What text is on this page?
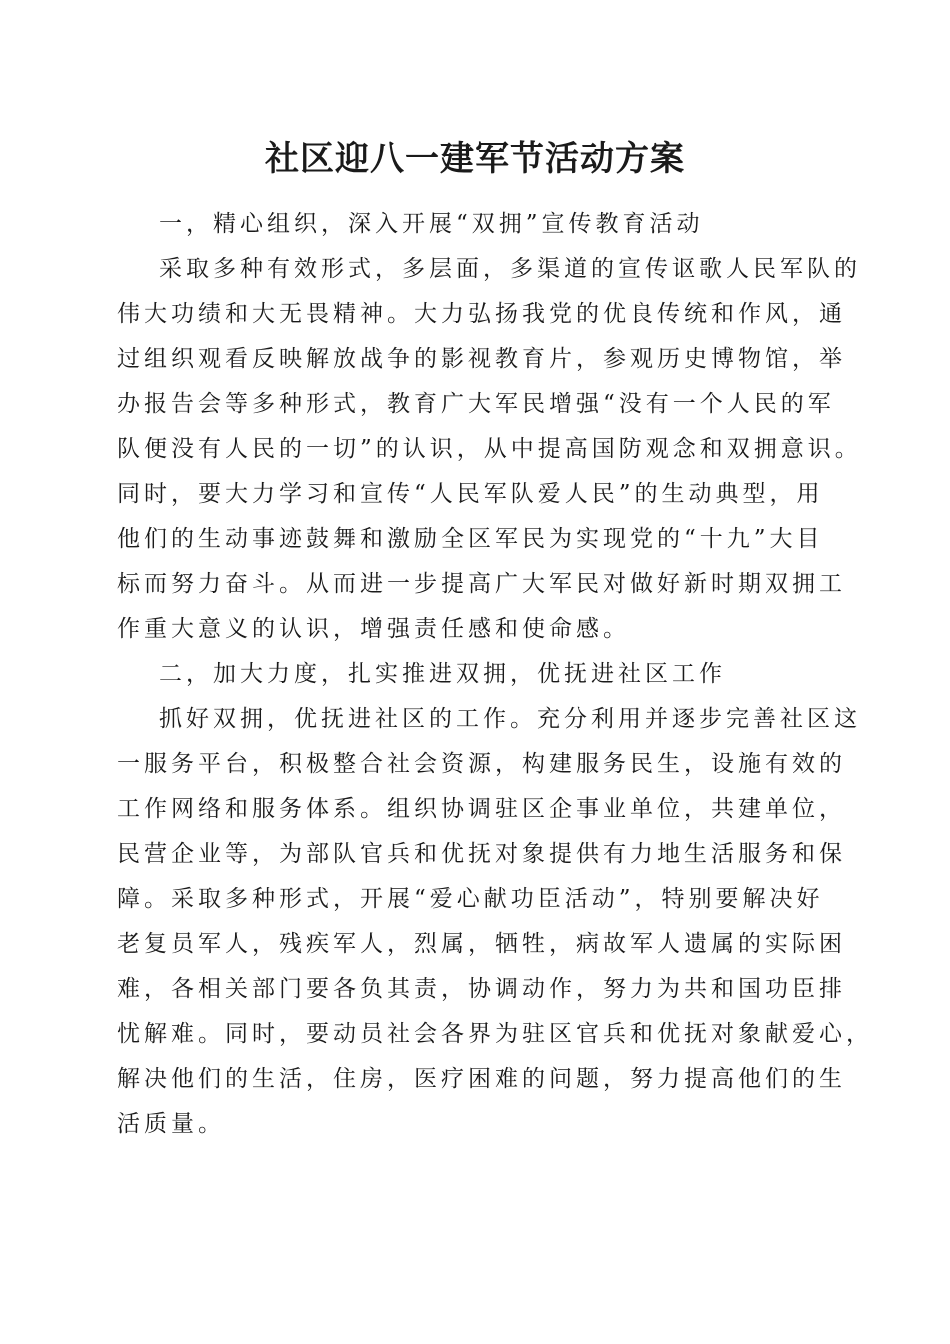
社区迎八一建军节活动方案

一，精心组织，深入开展“双拥”宣传教育活动

采取多种有效形式，多层面，多渠道的宣传讴歌人民军队的

伟大功绩和大无畏精神。大力弘扬我党的优良传统和作风，通

过组织观看反映解放战争的影视教育片，参观历史博物馆，举

办报告会等多种形式，教育广大军民增强“没有一个人民的军

队便没有人民的一切”的认识，从中提高国防观念和双拥意识。

同时，要大力学习和宣传“人民军队爱人民”的生动典型，用

他们的生动事迹鼓舞和激励全区军民为实现党的“十九”大目

标而努力奋斗。从而进一步提高广大军民对做好新时期双拥工

作重大意义的认识，增强责任感和使命感。

二，加大力度，扎实推进双拥，优抚进社区工作

抓好双拥，优抚进社区的工作。充分利用并逐步完善社区这

一服务平台，积极整合社会资源，构建服务民生，设施有效的

工作网络和服务体系。组织协调驻区企事业单位，共建单位，

民营企业等，为部队官兵和优抚对象提供有力地生活服务和保

障。采取多种形式，开展“爱心献功臣活动”，特别要解决好

老复员军人，残疾军人，烈属，牺牲，病故军人遗属的实际困

难，各相关部门要各负其责，协调动作，努力为共和国功臣排

忧解难。同时，要动员社会各界为驻区官兵和优抚对象献爱心，

解决他们的生活，住房，医疗困难的问题，努力提高他们的生

活质量。
